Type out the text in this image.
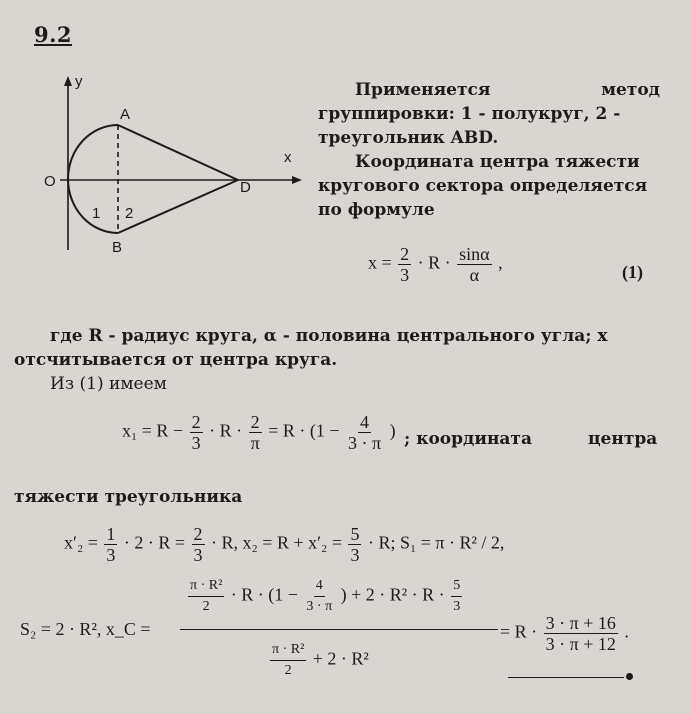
9.2
y
x
O
A
B
D
1 2
Применяется	метод
группировки: 1 - полукруг, 2 -
треугольник ABD.
Координата центра тяжести
кругового сектора определяется
по формуле
$x = \frac{2}{3} \cdot R \cdot \frac{\sin\alpha}{\alpha}$ ,	(1)
где R - радиус круга, α - половина центрального угла; x
отсчитывается от центра круга.
Из (1) имеем
$x_1 = R - \frac{2}{3} \cdot R \cdot \frac{2}{\pi} = R \cdot (1 - \frac{4}{3 \cdot \pi}$ ) ; координата	центра
тяжести треугольника
$x'_2 = \frac{1}{3} \cdot 2 \cdot R = \frac{2}{3} \cdot R$, $x_2 = R + x'_2 = \frac{5}{3} \cdot R$; S₁ = π · R² / 2,
S₂ = 2 · R², x_C =
$\frac{\text{π · R²}}{2} \cdot R \cdot (1 - \frac{4}{3 \cdot \pi}$ ) + $2 \cdot R^2 \cdot R \cdot \frac{5}{3}$
$\frac{\text{π · R²}}{2} + 2 \cdot R^2$
= $R \cdot \frac{3 \cdot \pi + 16}{3 \cdot \pi + 12}$ .
